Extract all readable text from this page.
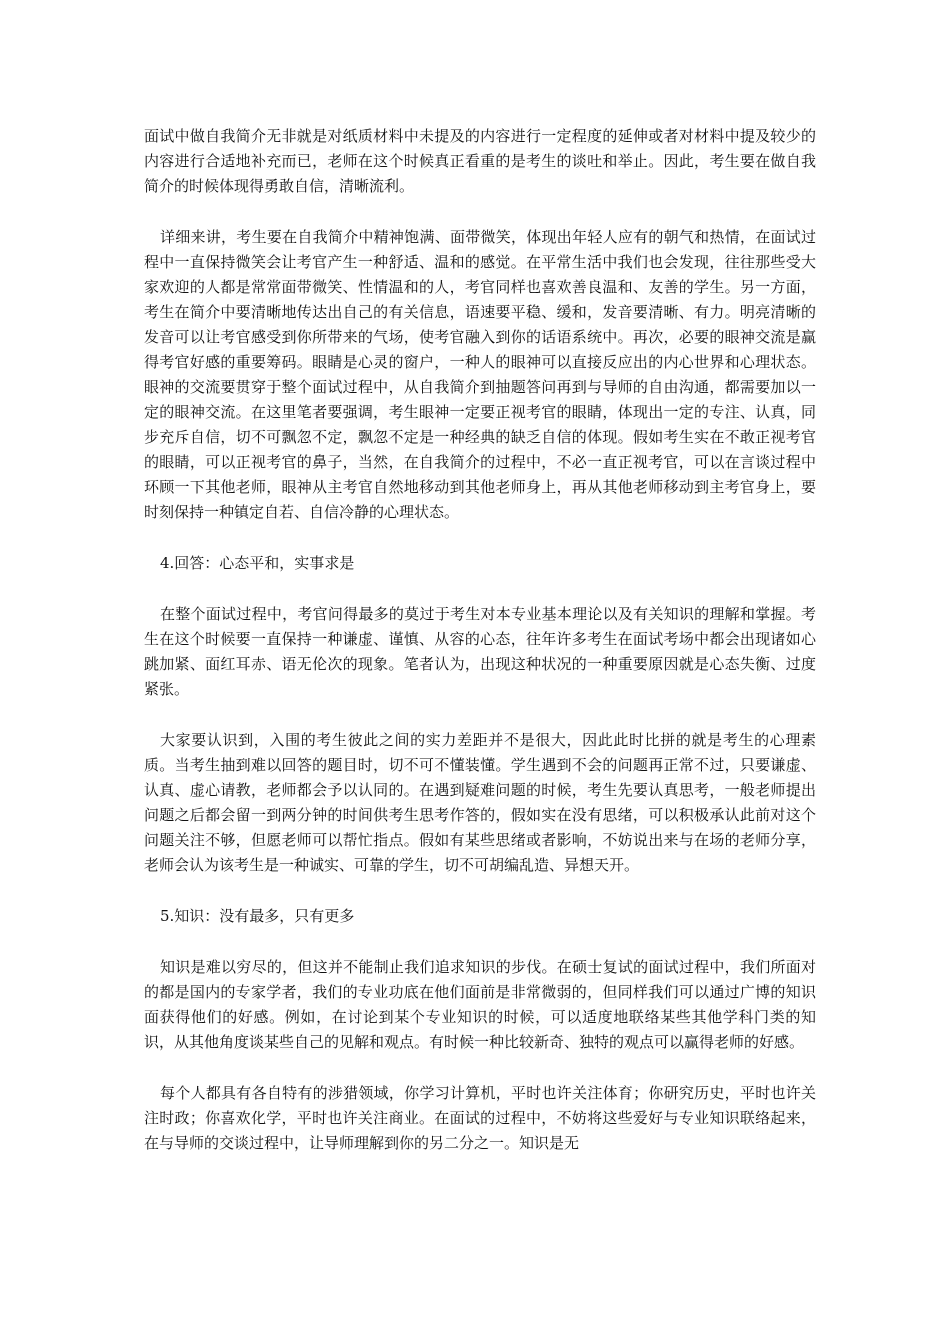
面试中做自我简介无非就是对纸质材料中未提及的内容进行一定程度的延伸或者对材料中提及较少的内容进行合适地补充而已，老师在这个时候真正看重的是考生的谈吐和举止。因此，考生要在做自我简介的时候体现得勇敢自信，清晰流利。

详细来讲，考生要在自我简介中精神饱满、面带微笑，体现出年轻人应有的朝气和热情，在面试过程中一直保持微笑会让考官产生一种舒适、温和的感觉。在平常生活中我们也会发现，往往那些受大家欢迎的人都是常常面带微笑、性情温和的人，考官同样也喜欢善良温和、友善的学生。另一方面，考生在简介中要清晰地传达出自己的有关信息，语速要平稳、缓和，发音要清晰、有力。明亮清晰的发音可以让考官感受到你所带来的气场，使考官融入到你的话语系统中。再次，必要的眼神交流是赢得考官好感的重要筹码。眼睛是心灵的窗户，一种人的眼神可以直接反应出的内心世界和心理状态。眼神的交流要贯穿于整个面试过程中，从自我简介到抽题答问再到与导师的自由沟通，都需要加以一定的眼神交流。在这里笔者要强调，考生眼神一定要正视考官的眼睛，体现出一定的专注、认真，同步充斥自信，切不可飘忽不定，飘忽不定是一种经典的缺乏自信的体现。假如考生实在不敢正视考官的眼睛，可以正视考官的鼻子，当然，在自我简介的过程中，不必一直正视考官，可以在言谈过程中环顾一下其他老师，眼神从主考官自然地移动到其他老师身上，再从其他老师移动到主考官身上，要时刻保持一种镇定自若、自信冷静的心理状态。

4.回答：心态平和，实事求是

在整个面试过程中，考官问得最多的莫过于考生对本专业基本理论以及有关知识的理解和掌握。考生在这个时候要一直保持一种谦虚、谨慎、从容的心态，往年许多考生在面试考场中都会出现诸如心跳加紧、面红耳赤、语无伦次的现象。笔者认为，出现这种状况的一种重要原因就是心态失衡、过度紧张。

大家要认识到，入围的考生彼此之间的实力差距并不是很大，因此此时比拼的就是考生的心理素质。当考生抽到难以回答的题目时，切不可不懂装懂。学生遇到不会的问题再正常不过，只要谦虚、认真、虚心请教，老师都会予以认同的。在遇到疑难问题的时候，考生先要认真思考，一般老师提出问题之后都会留一到两分钟的时间供考生思考作答的，假如实在没有思绪，可以积极承认此前对这个问题关注不够，但愿老师可以帮忙指点。假如有某些思绪或者影响，不妨说出来与在场的老师分享，老师会认为该考生是一种诚实、可靠的学生，切不可胡编乱造、异想天开。

5.知识：没有最多，只有更多

知识是难以穷尽的，但这并不能制止我们追求知识的步伐。在硕士复试的面试过程中，我们所面对的都是国内的专家学者，我们的专业功底在他们面前是非常微弱的，但同样我们可以通过广博的知识面获得他们的好感。例如，在讨论到某个专业知识的时候，可以适度地联络某些其他学科门类的知识，从其他角度谈某些自己的见解和观点。有时候一种比较新奇、独特的观点可以赢得老师的好感。

每个人都具有各自特有的涉猎领域，你学习计算机，平时也许关注体育；你研究历史，平时也许关注时政；你喜欢化学，平时也许关注商业。在面试的过程中，不妨将这些爱好与专业知识联络起来，在与导师的交谈过程中，让导师理解到你的另二分之一。知识是无
